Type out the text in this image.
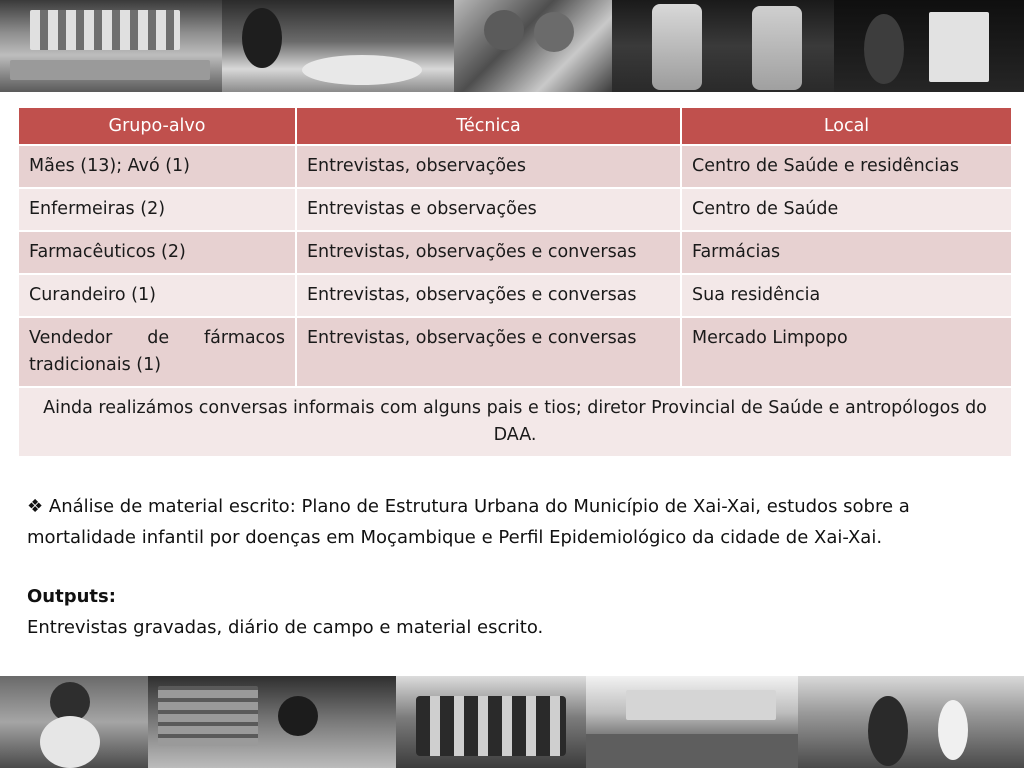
Grupo-alvo	Técnica	Local
Mães (13); Avó (1)	Entrevistas, observações	Centro de Saúde e residências
Enfermeiras (2)	Entrevistas e observações	Centro de Saúde
Farmacêuticos (2)	Entrevistas, observações e conversas	Farmácias
Curandeiro (1)	Entrevistas, observações e conversas	Sua residência
Vendedor de fármacos tradicionais (1)	Entrevistas, observações e conversas	Mercado Limpopo
Ainda realizámos conversas informais com alguns pais e tios; diretor Provincial de Saúde e antropólogos do DAA.		

❖ Análise de material escrito: Plano de Estrutura Urbana do Município de Xai-Xai, estudos sobre a mortalidade infantil por doenças em Moçambique e Perfil Epidemiológico da cidade de Xai-Xai.

Outputs:

Entrevistas gravadas, diário de campo e material escrito.
